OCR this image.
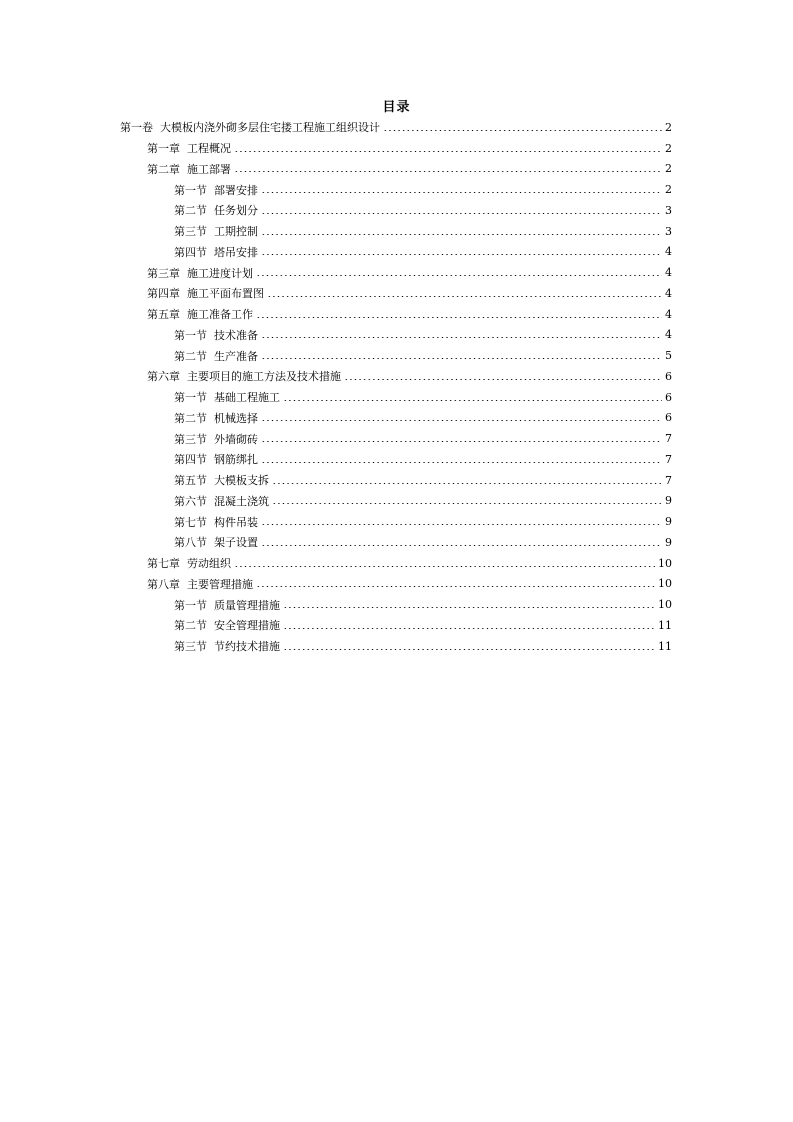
目录
第一卷 大模板内浇外砌多层住宅搂工程施工组织设计	2
第一章 工程概况	2
第二章 施工部署	2
第一节 部署安排	2
第二节 任务划分	3
第三节 工期控制	3
第四节 塔吊安排	4
第三章 施工进度计划	4
第四章 施工平面布置图	4
第五章 施工准备工作	4
第一节 技术准备	4
第二节 生产准备	5
第六章 主要项目的施工方法及技术措施	6
第一节 基础工程施工	6
第二节 机械选择	6
第三节 外墙砌砖	7
第四节 钢筋绑扎	7
第五节 大模板支拆	7
第六节 混凝土浇筑	9
第七节 构件吊装	9
第八节 架子设置	9
第七章 劳动组织	10
第八章 主要管理措施	10
第一节 质量管理措施	10
第二节 安全管理措施	11
第三节 节约技术措施	11
